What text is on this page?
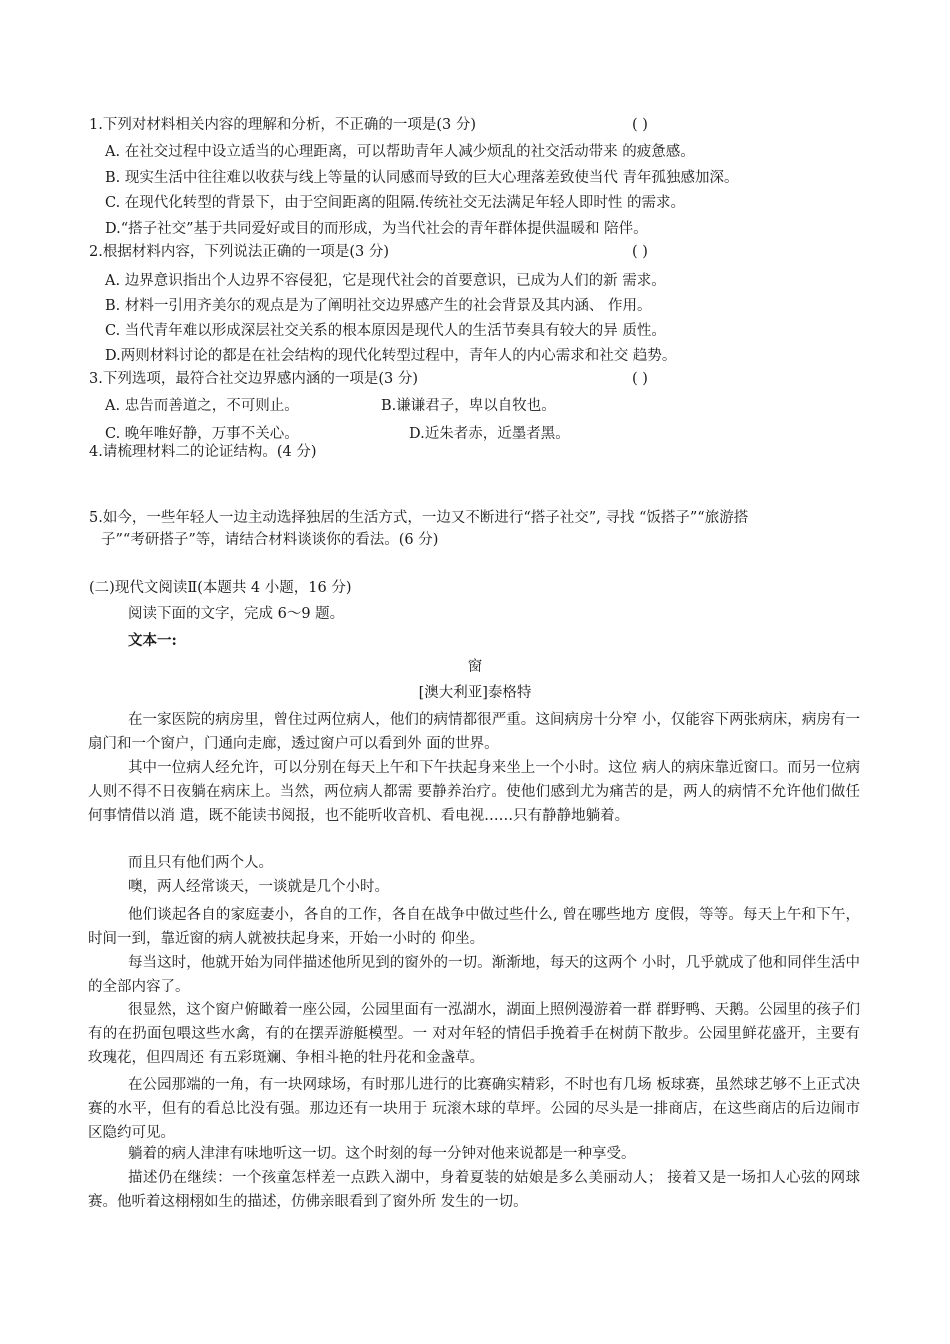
1.下列对材料相关内容的理解和分析，不正确的一项是(3 分)	( )
A. 在社交过程中设立适当的心理距离，可以帮助青年人减少烦乱的社交活动带来 的疲惫感。
B. 现实生活中往往难以收获与线上等量的认同感而导致的巨大心理落差致使当代 青年孤独感加深。
C. 在现代化转型的背景下，由于空间距离的阻隔.传统社交无法满足年轻人即时性 的需求。
D.“搭子社交”基于共同爱好或目的而形成，为当代社会的青年群体提供温暖和 陪伴。
2.根据材料内容，下列说法正确的一项是(3 分)	( )
A. 边界意识指出个人边界不容侵犯，它是现代社会的首要意识，已成为人们的新 需求。
B. 材料一引用齐美尔的观点是为了阐明社交边界感产生的社会背景及其内涵、 作用。
C. 当代青年难以形成深层社交关系的根本原因是现代人的生活节奏具有较大的异 质性。
D.两则材料讨论的都是在社会结构的现代化转型过程中，青年人的内心需求和社交 趋势。
3.下列选项，最符合社交边界感内涵的一项是(3 分)	( )
A. 忠告而善道之，不可则止。	B.谦谦君子，卑以自牧也。
C. 晚年唯好静，万事不关心。	D.近朱者赤，近墨者黑。
4.请梳理材料二的论证结构。(4 分)
5.如今，一些年轻人一边主动选择独居的生活方式，一边又不断进行“搭子社交”, 寻找 “饭搭子”“旅游搭
子”“考研搭子”等，请结合材料谈谈你的看法。(6 分)
(二)现代文阅读Ⅱ(本题共 4 小题，16 分)
阅读下面的文字，完成 6～9 题。
文本一:
窗
[澳大利亚]泰格特
在一家医院的病房里，曾住过两位病人，他们的病情都很严重。这间病房十分窄 小，仅能容下两张病床，病房有一扇门和一个窗户，门通向走廊，透过窗户可以看到外 面的世界。
其中一位病人经允许，可以分别在每天上午和下午扶起身来坐上一个小时。这位 病人的病床靠近窗口。而另一位病人则不得不日夜躺在病床上。当然，两位病人都需 要静养治疗。使他们感到尤为痛苦的是，两人的病情不允许他们做任何事情借以消 遣，既不能读书阅报，也不能听收音机、看电视……只有静静地躺着。
而且只有他们两个人。
噢，两人经常谈天，一谈就是几个小时。
他们谈起各自的家庭妻小，各自的工作，各自在战争中做过些什么, 曾在哪些地方 度假，等等。每天上午和下午，时间一到，靠近窗的病人就被扶起身来，开始一小时的 仰坐。
每当这时，他就开始为同伴描述他所见到的窗外的一切。渐渐地，每天的这两个 小时，几乎就成了他和同伴生活中的全部内容了。
很显然，这个窗户俯瞰着一座公园，公园里面有一泓湖水，湖面上照例漫游着一群 群野鸭、天鹅。公园里的孩子们有的在扔面包喂这些水禽，有的在摆弄游艇模型。一 对对年轻的情侣手挽着手在树荫下散步。公园里鲜花盛开，主要有玫瑰花，但四周还 有五彩斑斓、争相斗艳的牡丹花和金盏草。
在公园那端的一角，有一块网球场，有时那儿进行的比赛确实精彩，不时也有几场 板球赛，虽然球艺够不上正式决赛的水平，但有的看总比没有强。那边还有一块用于 玩滚木球的草坪。公园的尽头是一排商店，在这些商店的后边闹市区隐约可见。
躺着的病人津津有味地听这一切。这个时刻的每一分钟对他来说都是一种享受。
描述仍在继续：一个孩童怎样差一点跌入湖中，身着夏装的姑娘是多么美丽动人； 接着又是一场扣人心弦的网球赛。他听着这栩栩如生的描述，仿佛亲眼看到了窗外所 发生的一切。
